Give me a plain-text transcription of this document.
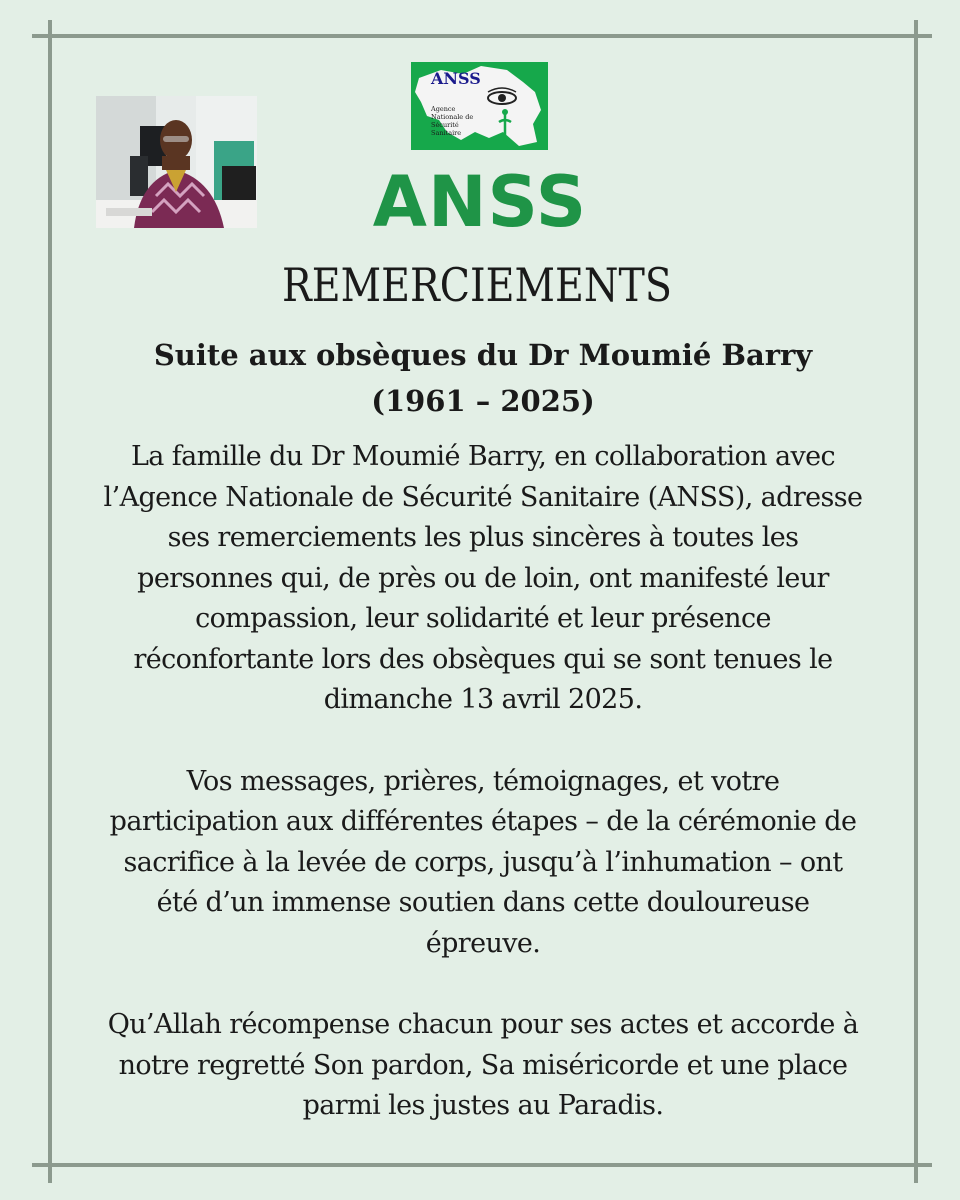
ANSS
Agence
Nationale de
Sécurité
Sanitaire
ANSS
REMERCIEMENTS
Suite aux obsèques du Dr Moumié Barry
(1961 – 2025)
La famille du Dr Moumié Barry, en collaboration avec
l’Agence Nationale de Sécurité Sanitaire (ANSS), adresse
ses remerciements les plus sincères à toutes les
personnes qui, de près ou de loin, ont manifesté leur
compassion, leur solidarité et leur présence
réconfortante lors des obsèques qui se sont tenues le
dimanche 13 avril 2025.
Vos messages, prières, témoignages, et votre
participation aux différentes étapes – de la cérémonie de
sacrifice à la levée de corps, jusqu’à l’inhumation – ont
été d’un immense soutien dans cette douloureuse
épreuve.
Qu’Allah récompense chacun pour ses actes et accorde à
notre regretté Son pardon, Sa miséricorde et une place
parmi les justes au Paradis.
